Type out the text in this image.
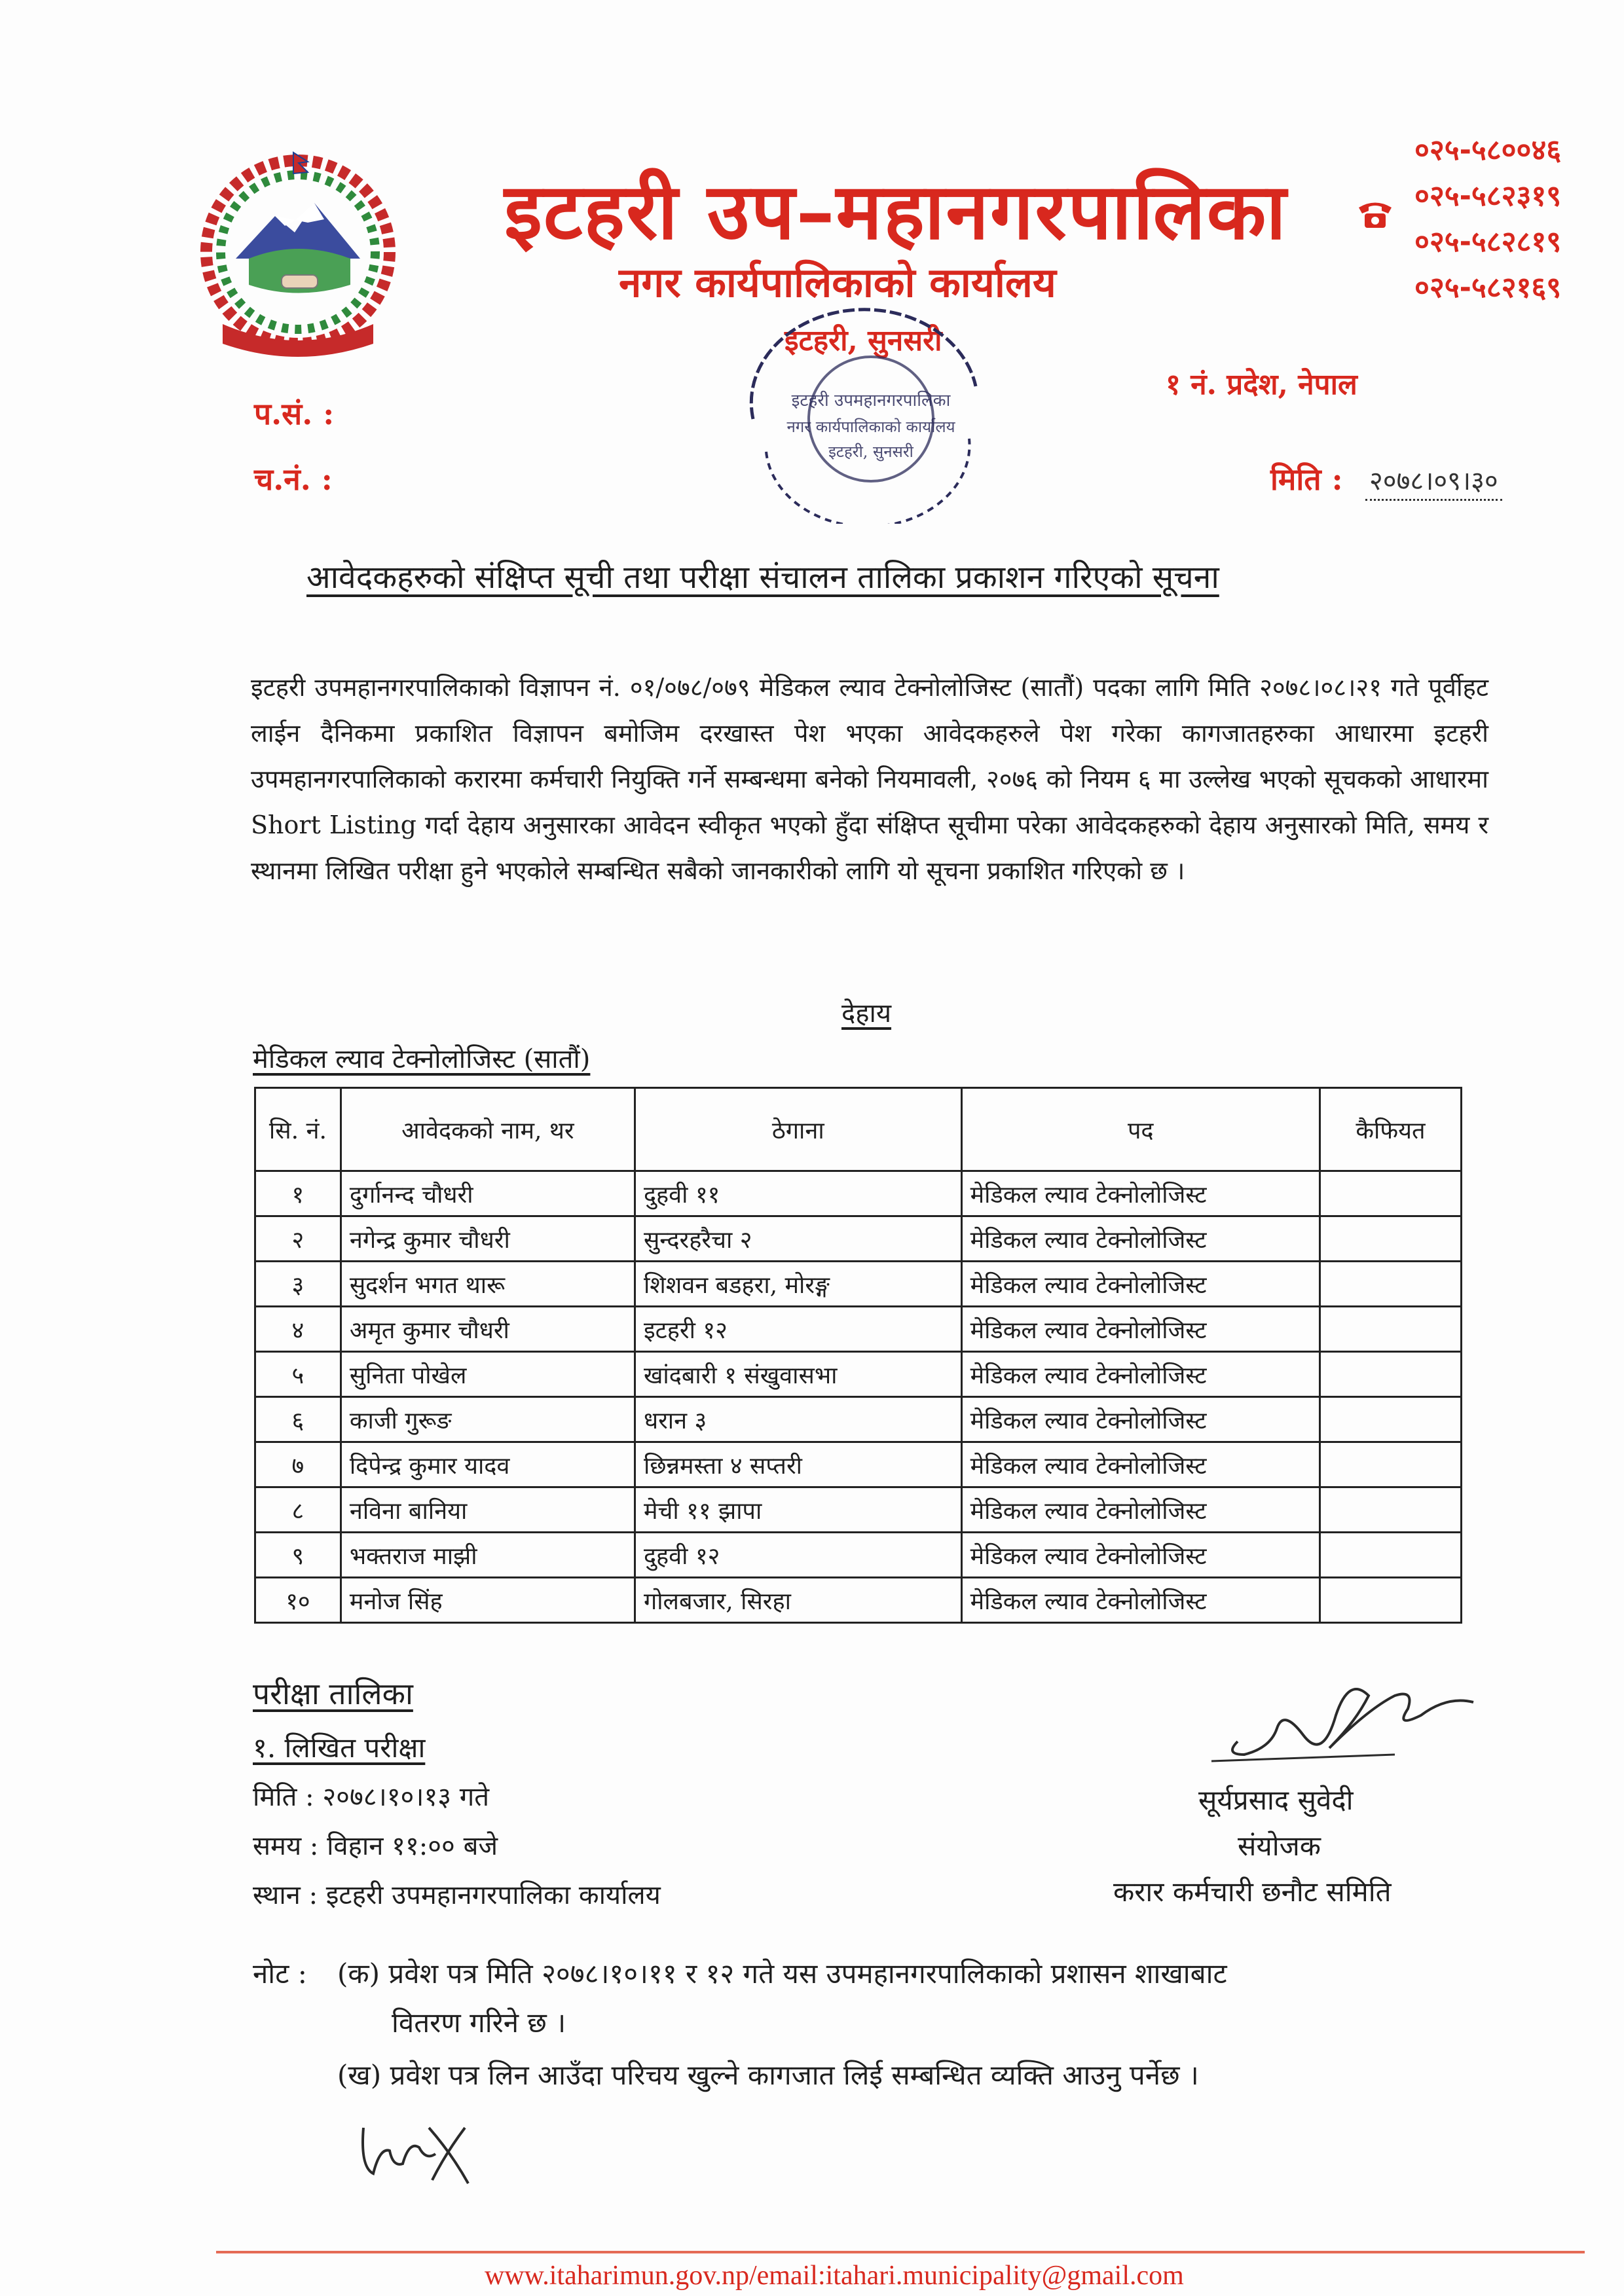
इटहरी उप–महानगरपालिका
नगर कार्यपालिकाको कार्यालय
इटहरी, सुनसरी
१ नं. प्रदेश, नेपाल
०२५-५८००४६
०२५-५८२३१९
०२५-५८२८१९
०२५-५८२१६९
प.सं. :
च.नं. :	मिति : २०७८।०९।३०
इटहरी उपमहानगरपालिका
नगर कार्यपालिकाको कार्यालय
इटहरी, सुनसरी
आवेदकहरुको संक्षिप्त सूची तथा परीक्षा संचालन तालिका प्रकाशन गरिएको सूचना
इटहरी उपमहानगरपालिकाको विज्ञापन नं. ०१/०७८/०७९ मेडिकल ल्याव टेक्नोलोजिस्ट (सातौं) पदका लागि मिति २०७८।०८।२१ गते पूर्वीहट लाईन दैनिकमा प्रकाशित विज्ञापन बमोजिम दरखास्त पेश भएका आवेदकहरुले पेश गरेका कागजातहरुका आधारमा इटहरी उपमहानगरपालिकाको करारमा कर्मचारी नियुक्ति गर्ने सम्बन्धमा बनेको नियमावली, २०७६ को नियम ६ मा उल्लेख भएको सूचकको आधारमा Short Listing गर्दा देहाय अनुसारका आवेदन स्वीकृत भएको हुँदा संक्षिप्त सूचीमा परेका आवेदकहरुको देहाय अनुसारको मिति, समय र स्थानमा लिखित परीक्षा हुने भएकोले सम्बन्धित सबैको जानकारीको लागि यो सूचना प्रकाशित गरिएको छ ।
देहाय
मेडिकल ल्याव टेक्नोलोजिस्ट (सातौं)
सि. नं.	आवेदकको नाम, थर	ठेगाना	पद	कैफियत
१	दुर्गानन्द चौधरी	दुहवी ११	मेडिकल ल्याव टेक्नोलोजिस्ट	
२	नगेन्द्र कुमार चौधरी	सुन्दरहरैचा २	मेडिकल ल्याव टेक्नोलोजिस्ट	
३	सुदर्शन भगत थारू	शिशवन बडहरा, मोरङ्ग	मेडिकल ल्याव टेक्नोलोजिस्ट	
४	अमृत कुमार चौधरी	इटहरी १२	मेडिकल ल्याव टेक्नोलोजिस्ट	
५	सुनिता पोखेल	खांदबारी १ संखुवासभा	मेडिकल ल्याव टेक्नोलोजिस्ट	
६	काजी गुरूङ	धरान ३	मेडिकल ल्याव टेक्नोलोजिस्ट	
७	दिपेन्द्र कुमार यादव	छिन्नमस्ता ४ सप्तरी	मेडिकल ल्याव टेक्नोलोजिस्ट	
८	नविना बानिया	मेची ११ झापा	मेडिकल ल्याव टेक्नोलोजिस्ट	
९	भक्तराज माझी	दुहवी १२	मेडिकल ल्याव टेक्नोलोजिस्ट	
१०	मनोज सिंह	गोलबजार, सिरहा	मेडिकल ल्याव टेक्नोलोजिस्ट	
परीक्षा तालिका
१. लिखित परीक्षा
मिति : २०७८।१०।१३ गते
समय : विहान ११:०० बजे
स्थान : इटहरी उपमहानगरपालिका कार्यालय
सूर्यप्रसाद सुवेदी
संयोजक
करार कर्मचारी छनौट समिति
नोट : (क) प्रवेश पत्र मिति २०७८।१०।११ र १२ गते यस उपमहानगरपालिकाको प्रशासन शाखाबाट
वितरण गरिने छ ।
(ख) प्रवेश पत्र लिन आउँदा परिचय खुल्ने कागजात लिई सम्बन्धित व्यक्ति आउनु पर्नेछ ।
www.itaharimun.gov.np/email:itahari.municipality@gmail.com
